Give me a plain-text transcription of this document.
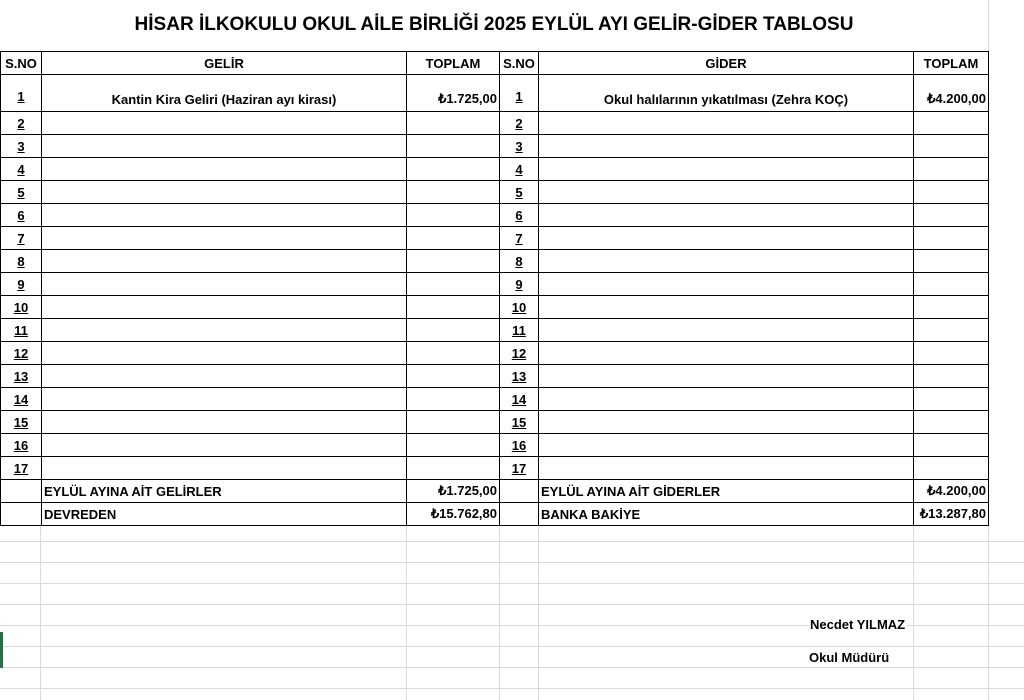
HİSAR İLKOKULU OKUL AİLE BİRLİĞİ 2025 EYLÜL AYI GELİR-GİDER TABLOSU
S.NO	GELİR	TOPLAM	S.NO	GİDER	TOPLAM
1	Kantin Kira Geliri (Haziran ayı kirası)	₺1.725,00	1	Okul halılarının yıkatılması (Zehra KOÇ)	₺4.200,00
2			2		
3			3		
4			4		
5			5		
6			6		
7			7		
8			8		
9			9		
10			10		
11			11		
12			12		
13			13		
14			14		
15			15		
16			16		
17			17		
	EYLÜL AYINA AİT GELİRLER	₺1.725,00		EYLÜL AYINA AİT GİDERLER	₺4.200,00
	DEVREDEN	₺15.762,80		BANKA BAKİYE	₺13.287,80
Necdet YILMAZ
Okul Müdürü
